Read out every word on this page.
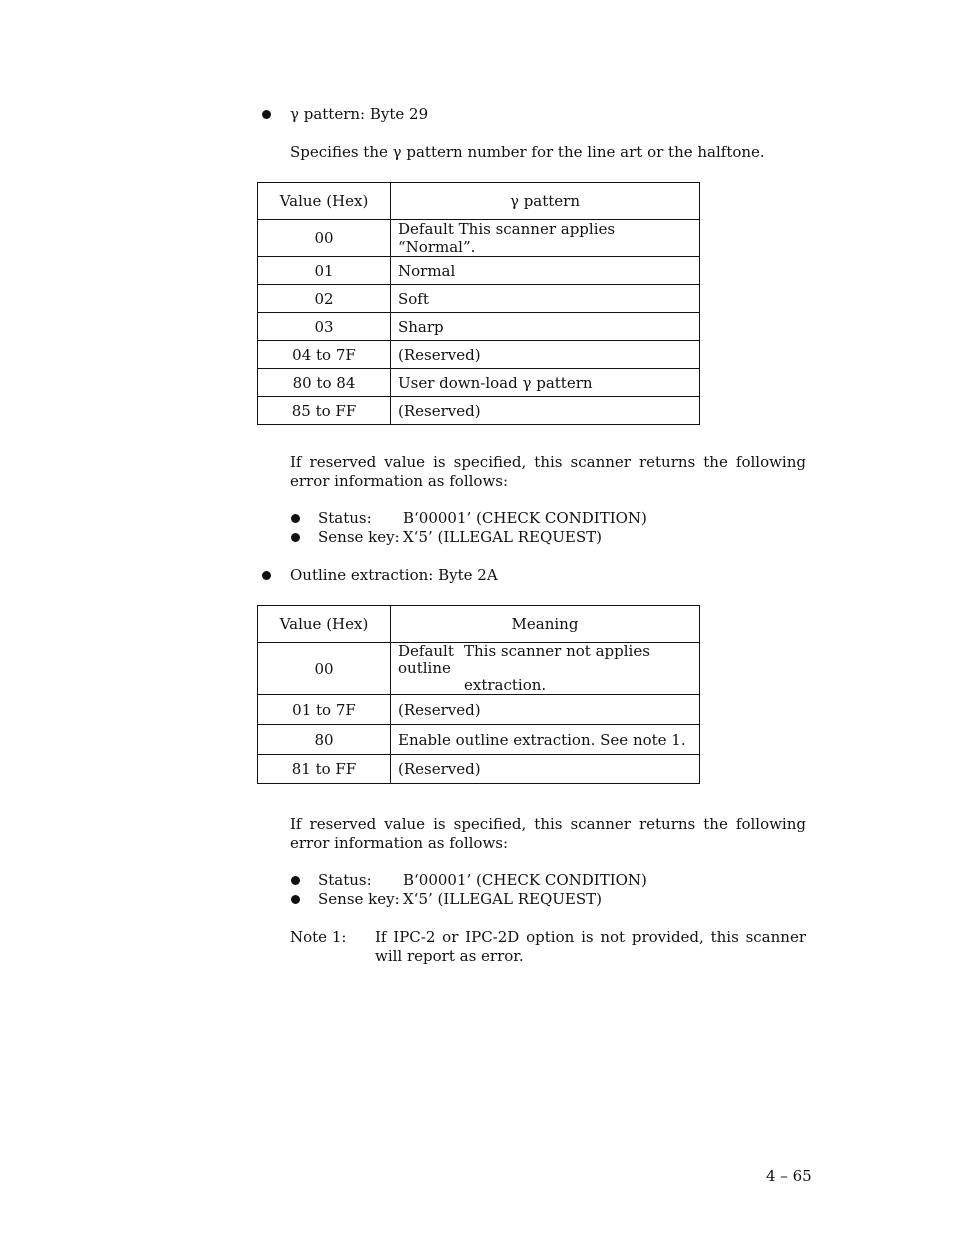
γ pattern: Byte 29
Specifies the γ pattern number for the line art or the halftone.
Value (Hex)	γ pattern
00	Default This scanner applies “Normal”.
01	Normal
02	Soft
03	Sharp
04 to 7F	(Reserved)
80 to 84	User down-load γ pattern
85 to FF	(Reserved)
If reserved value is specified, this scanner returns the following error information as follows:
Status: B‘00001’ (CHECK CONDITION)
Sense key: X‘5’ (ILLEGAL REQUEST)
Outline extraction: Byte 2A
Value (Hex)	Meaning
00	Default This scanner not applies outline
extraction.

01 to 7F	(Reserved)
80	Enable outline extraction. See note 1.
81 to FF	(Reserved)
If reserved value is specified, this scanner returns the following error information as follows:
Status: B‘00001’ (CHECK CONDITION)
Sense key: X‘5’ (ILLEGAL REQUEST)
Note 1: If IPC-2 or IPC-2D option is not provided, this scanner will report as error.
4 – 65
